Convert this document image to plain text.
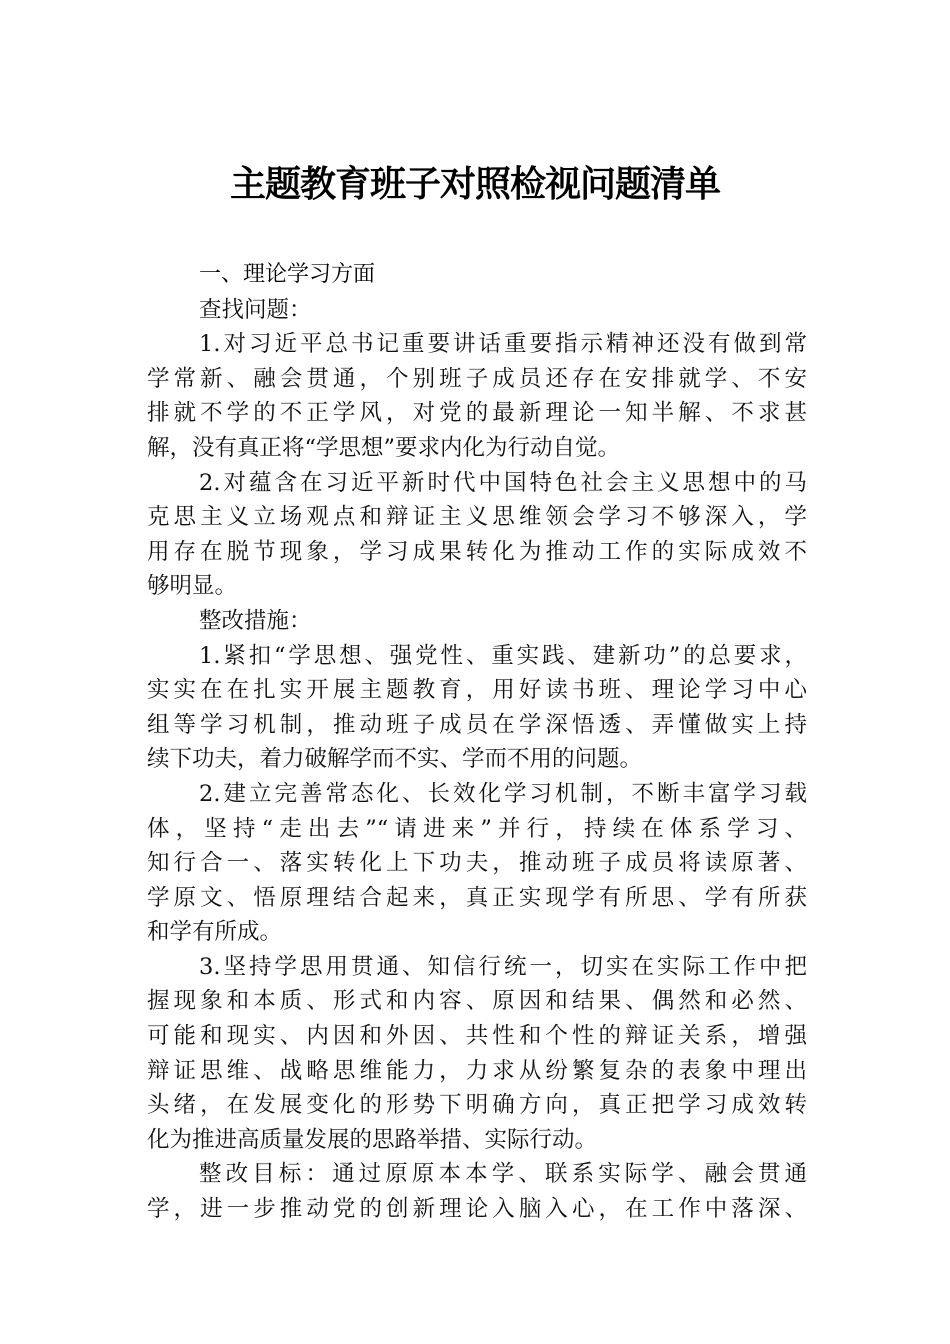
主题教育班子对照检视问题清单
一、理论学习方面
查找问题：
1.对习近平总书记重要讲话重要指示精神还没有做到常
学常新、融会贯通，个别班子成员还存在安排就学、不安
排就不学的不正学风，对党的最新理论一知半解、不求甚
解，没有真正将“学思想”要求内化为行动自觉。
2.对蕴含在习近平新时代中国特色社会主义思想中的马
克思主义立场观点和辩证主义思维领会学习不够深入，学
用存在脱节现象，学习成果转化为推动工作的实际成效不
够明显。
整改措施：
1.紧扣“学思想、强党性、重实践、建新功”的总要求，
实实在在扎实开展主题教育，用好读书班、理论学习中心
组等学习机制，推动班子成员在学深悟透、弄懂做实上持
续下功夫，着力破解学而不实、学而不用的问题。
2.建立完善常态化、长效化学习机制，不断丰富学习载
体，坚持“走出去”“请进来”并行，持续在体系学习、
知行合一、落实转化上下功夫，推动班子成员将读原著、
学原文、悟原理结合起来，真正实现学有所思、学有所获
和学有所成。
3.坚持学思用贯通、知信行统一，切实在实际工作中把
握现象和本质、形式和内容、原因和结果、偶然和必然、
可能和现实、内因和外因、共性和个性的辩证关系，增强
辩证思维、战略思维能力，力求从纷繁复杂的表象中理出
头绪，在发展变化的形势下明确方向，真正把学习成效转
化为推进高质量发展的思路举措、实际行动。
整改目标：通过原原本本学、联系实际学、融会贯通
学，进一步推动党的创新理论入脑入心，在工作中落深、
